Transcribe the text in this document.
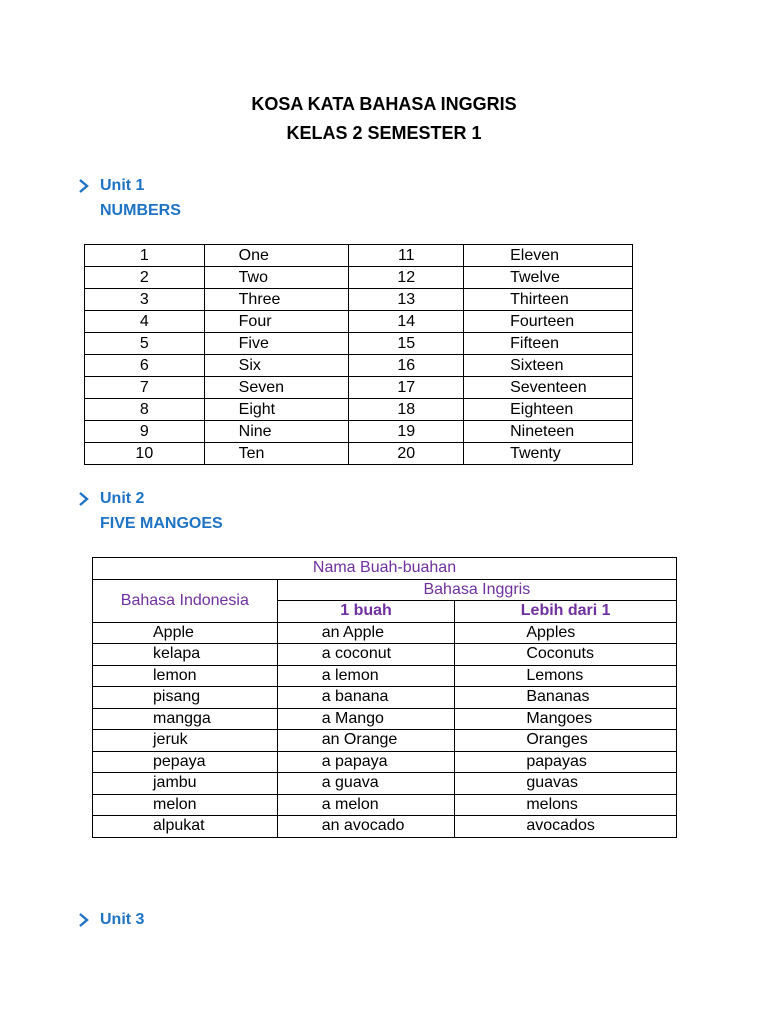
KOSA KATA BAHASA INGGRIS
KELAS 2 SEMESTER 1
Unit 1
NUMBERS
1	One	11	Eleven
2	Two	12	Twelve
3	Three	13	Thirteen
4	Four	14	Fourteen
5	Five	15	Fifteen
6	Six	16	Sixteen
7	Seven	17	Seventeen
8	Eight	18	Eighteen
9	Nine	19	Nineteen
10	Ten	20	Twenty
Unit 2
FIVE MANGOES
Nama Buah-buahan		
Bahasa Indonesia	Bahasa Inggris	
	1 buah	Lebih dari 1
Apple	an Apple	Apples
kelapa	a coconut	Coconuts
lemon	a lemon	Lemons
pisang	a banana	Bananas
mangga	a Mango	Mangoes
jeruk	an Orange	Oranges
pepaya	a papaya	papayas
jambu	a guava	guavas
melon	a melon	melons
alpukat	an avocado	avocados
Unit 3
